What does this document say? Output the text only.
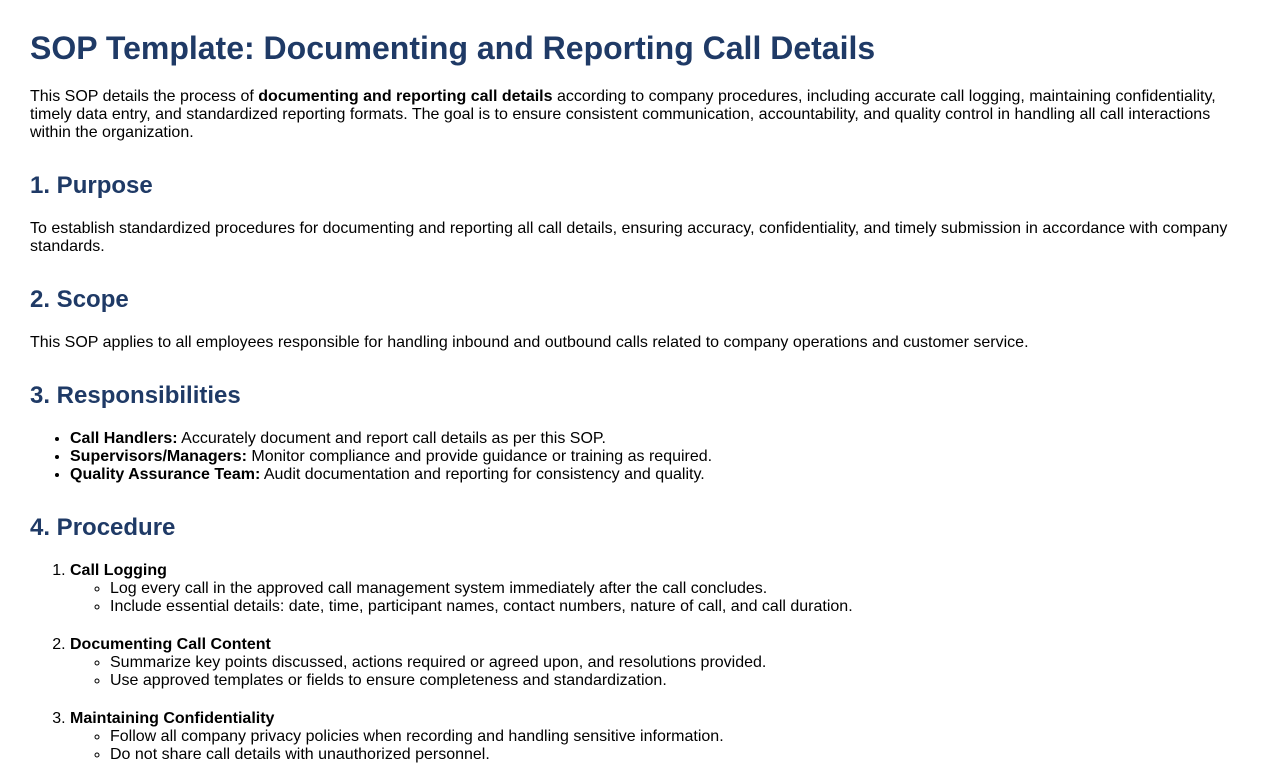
SOP Template: Documenting and Reporting Call Details

This SOP details the process of documenting and reporting call details according to company procedures, including accurate call logging, maintaining confidentiality, timely data entry, and standardized reporting formats. The goal is to ensure consistent communication, accountability, and quality control in handling all call interactions within the organization.

1. Purpose

To establish standardized procedures for documenting and reporting all call details, ensuring accuracy, confidentiality, and timely submission in accordance with company standards.

2. Scope

This SOP applies to all employees responsible for handling inbound and outbound calls related to company operations and customer service.

3. Responsibilities
• Call Handlers: Accurately document and report call details as per this SOP.
• Supervisors/Managers: Monitor compliance and provide guidance or training as required.
• Quality Assurance Team: Audit documentation and reporting for consistency and quality.
4. Procedure
1. Call Logging
◦ Log every call in the approved call management system immediately after the call concludes.
◦ Include essential details: date, time, participant names, contact numbers, nature of call, and call duration.
2. Documenting Call Content
◦ Summarize key points discussed, actions required or agreed upon, and resolutions provided.
◦ Use approved templates or fields to ensure completeness and standardization.
3. Maintaining Confidentiality
◦ Follow all company privacy policies when recording and handling sensitive information.
◦ Do not share call details with unauthorized personnel.
